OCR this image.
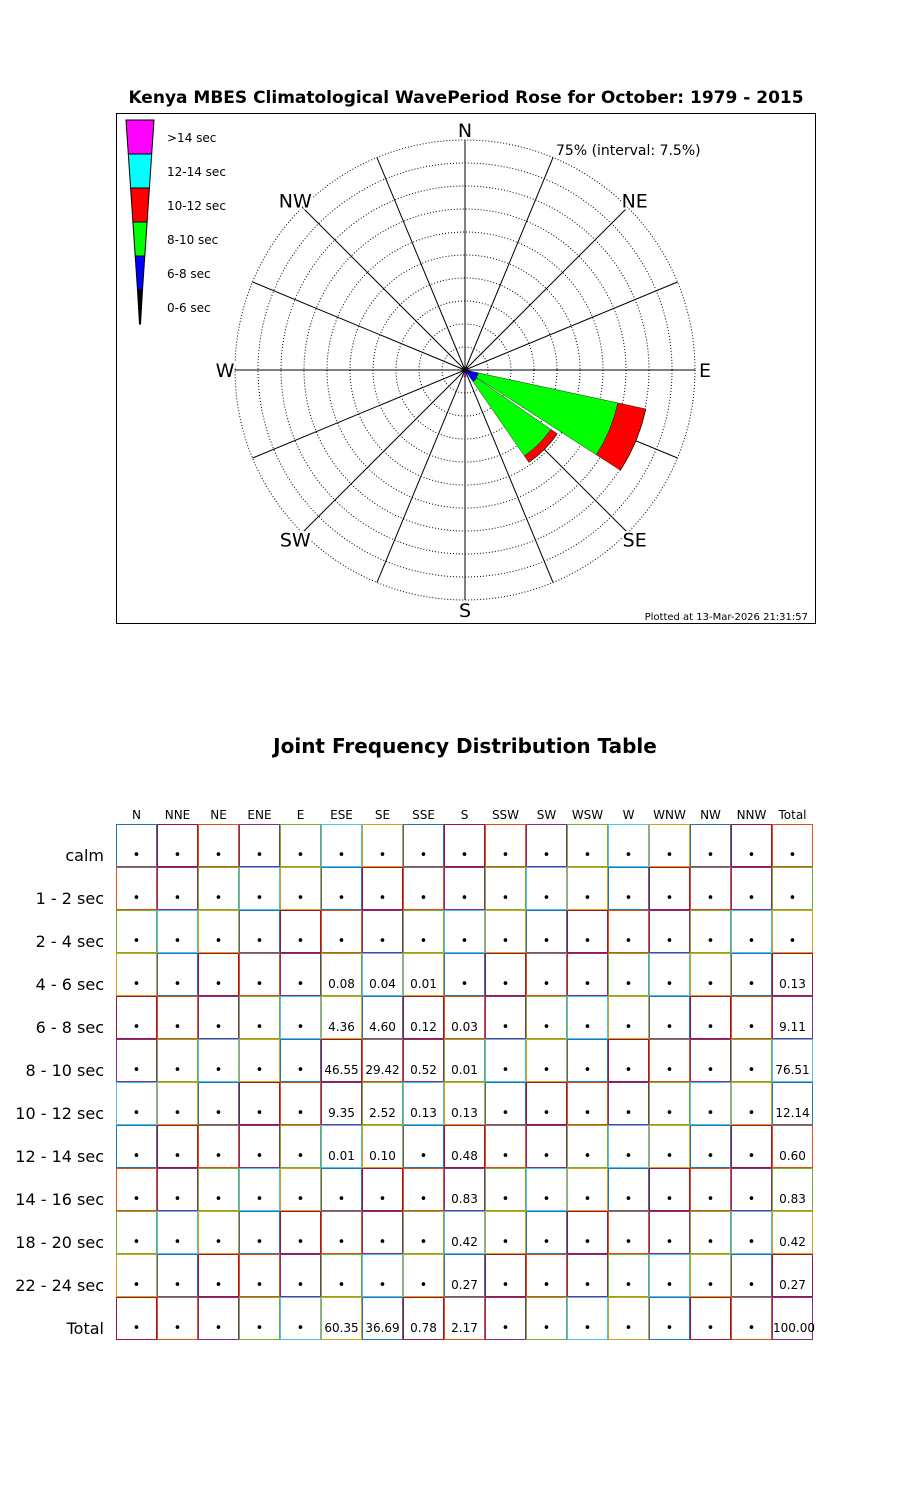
N
NE
E
SE
S
SW
W
NW
75% (interval: 7.5%)
>14 sec
12-14 sec
10-12 sec
8-10 sec
6-8 sec
0-6 sec
Kenya MBES Climatological WavePeriod Rose for October: 1979 - 2015
Plotted at 13-Mar-2026 21:31:57
Joint Frequency Distribution Table
N	NNE	NE	ENE	E	ESE	SE	SSE	S	SSW	SW	WSW	W	WNW	NW	NNW	Total
calm	•	•	•	•	•	•	•	•	•	•	•	•	•	•	•	•	•
1 - 2 sec	•	•	•	•	•	•	•	•	•	•	•	•	•	•	•	•	•
2 - 4 sec	•	•	•	•	•	•	•	•	•	•	•	•	•	•	•	•	•
4 - 6 sec	•	•	•	•	•	0.08	0.04	0.01	•	•	•	•	•	•	•	•	0.13
6 - 8 sec	•	•	•	•	•	4.36	4.60	0.12	0.03	•	•	•	•	•	•	•	9.11
8 - 10 sec	•	•	•	•	•	46.55 29.42 0.52	0.01	•	•	•	•	•	•	•	76.51
10 - 12 sec	•	•	•	•	•	9.35	2.52	0.13	0.13	•	•	•	•	•	•	•	12.14
12 - 14 sec	•	•	•	•	•	0.01	0.10	•	0.48	•	•	•	•	•	•	•	0.60
14 - 16 sec	•	•	•	•	•	•	•	•	0.83	•	•	•	•	•	•	•	0.83
18 - 20 sec	•	•	•	•	•	•	•	•	0.42	•	•	•	•	•	•	•	0.42
22 - 24 sec	•	•	•	•	•	•	•	•	0.27	•	•	•	•	•	•	•	0.27
Total	•	•	•	•	•	60.35 36.69 0.78	2.17	•	•	•	•	•	•	•	100.00
